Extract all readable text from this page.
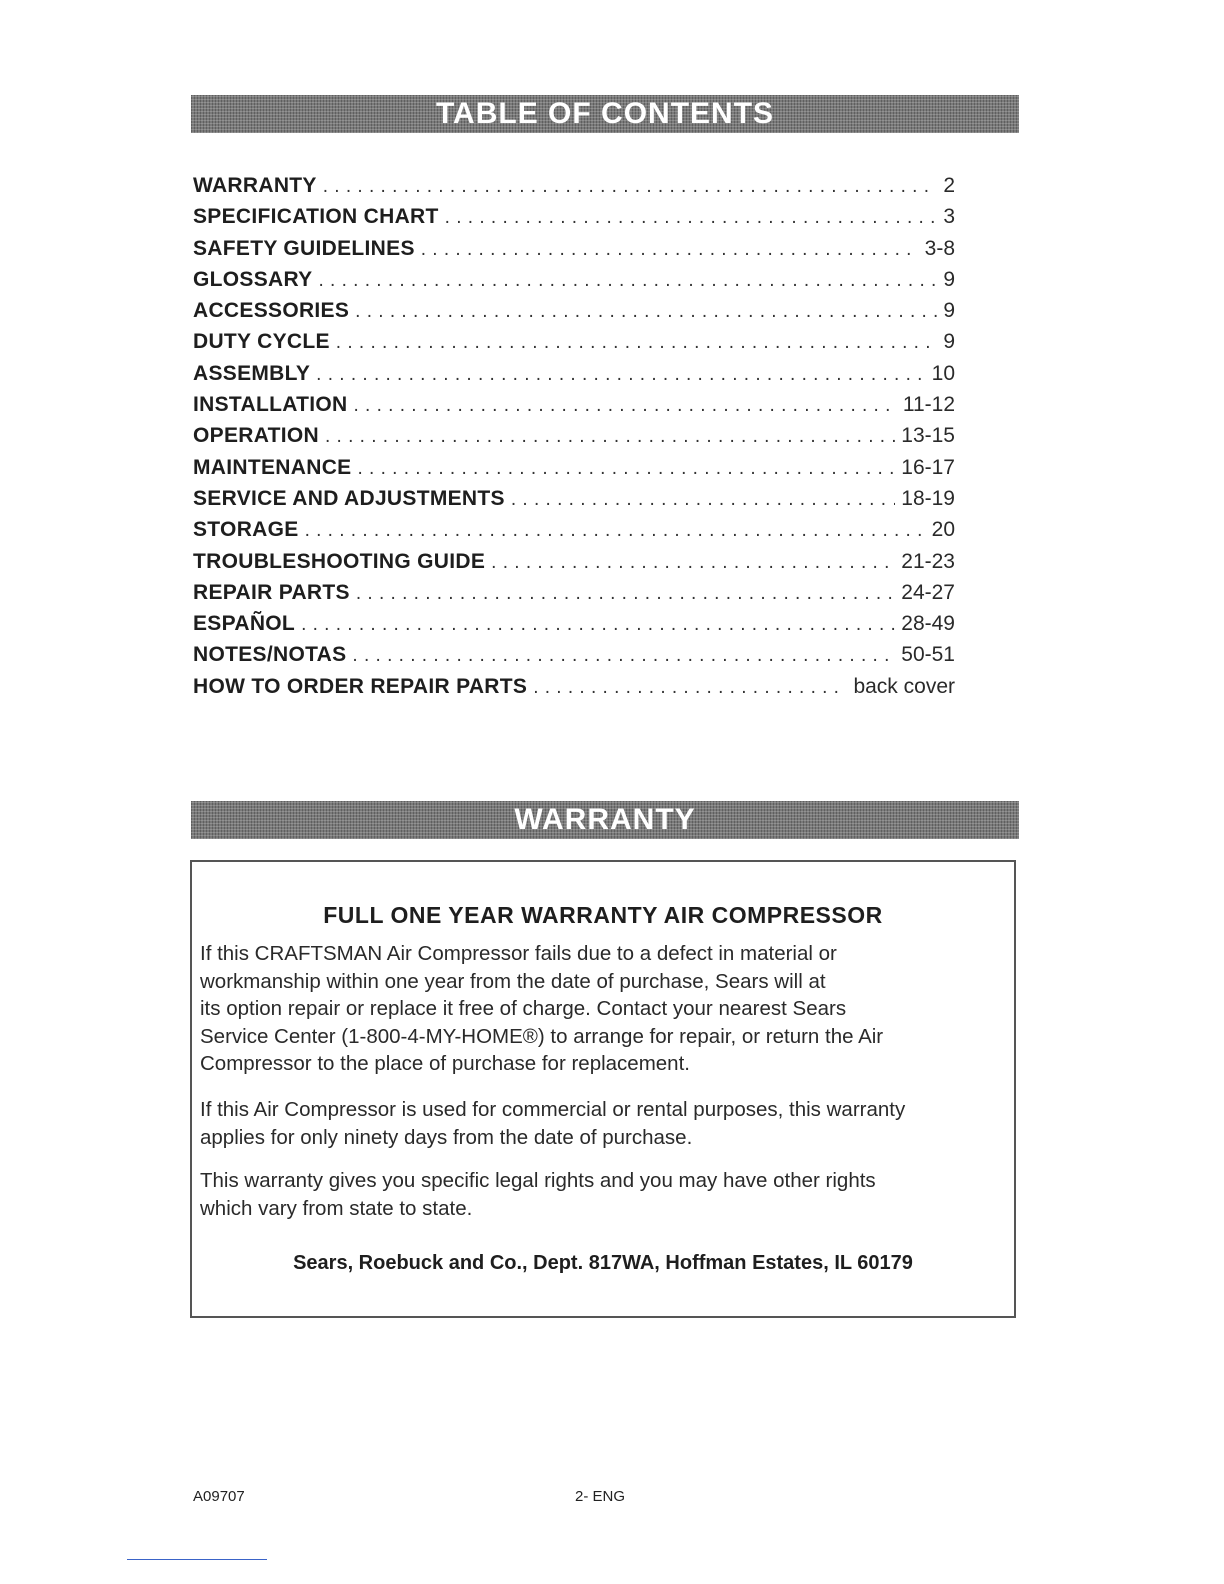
TABLE OF CONTENTS
WARRANTY . . .	2
SPECIFICATION CHART . . .	3
SAFETY GUIDELINES . . .	3-8
GLOSSARY . . .	9
ACCESSORIES . . .	9
DUTY CYCLE . . .	9
ASSEMBLY . . .	10
INSTALLATION . . .	11-12
OPERATION . . .	13-15
MAINTENANCE . . .	16-17
SERVICE AND ADJUSTMENTS . . .	18-19
STORAGE . . .	20
TROUBLESHOOTING GUIDE . . .	21-23
REPAIR PARTS . . .	24-27
ESPAÑOL . . .	28-49
NOTES/NOTAS . . .	50-51
HOW TO ORDER REPAIR PARTS . . .	back cover
WARRANTY
FULL ONE YEAR WARRANTY AIR COMPRESSOR

If this CRAFTSMAN Air Compressor fails due to a defect in material or
workmanship within one year from the date of purchase, Sears will at
its option repair or replace it free of charge. Contact your nearest Sears
Service Center (1-800-4-MY-HOME®) to arrange for repair, or return the Air
Compressor to the place of purchase for replacement.

If this Air Compressor is used for commercial or rental purposes, this warranty
applies for only ninety days from the date of purchase.

This warranty gives you specific legal rights and you may have other rights
which vary from state to state.

Sears, Roebuck and Co., Dept. 817WA, Hoffman Estates, IL 60179
A09707	2- ENG
